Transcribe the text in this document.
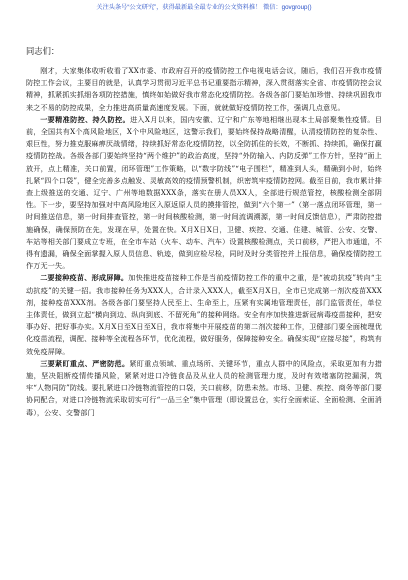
关注头条号“公文研究”，获得最新最全最专业的公文资料推！ 微信：govgroup()
同志们：

刚才，大家集体收听收看了XX市委、市政府召开的疫情防控工作电视电话会议，随后，我们召开我市疫情防控工作会议，主要目的就是，认真学习贯彻习近平总书记重要指示精神，深入贯彻落实全省、市疫情防控会议精神，抓紧抓实抓细各项防控措施，慎终如始做好我市常态化疫情防控。各级各部门要始加珍惜、持续巩固我市来之不易的防控成果，全力推进高质量高速度发展。下面，就就做好疫情防控工作，强调几点意见。

一要精准防控、持久防控。进入X月以来，国内安徽、辽宁和广东等地相继出现本土局部聚集性疫情。目前，全国共有X个高风险地区，X个中风险地区，这警示我们，要始终保持战略清醒，认清疫情防控的复杂性、艰巨性，努力推克服麻痹厌战情绪，持续抓好常态化疫情防控，以全防抓住的长效，不断抓、持续抓，确保打赢疫情防控战。各级各部门要始终坚持“两个维护”的政治高度，坚持“外防输入、内防反弹”工作方针，坚持“面上放开，点上精准，关口前置，闭环管理”工作策略，以“数字防线”“电子围栏”，精准到人头，精确到小时，始终扎紧“四个口袋”，健全完善多点触发、灵敏高效的疫情预警机制，织密筑牢疫情防控网。截至目前，我市累计排查上级推送的交通、辽宁、广州等地数据XXX条，落实在册人员XX人，全部进行规范管控，核酸检测全部阴性。下一步，要坚持加强对中高风险地区入原返原人员的摸排管控，做到“六个第一”（第一落点闭环管理，第一时间推送信息，第一时间排查管控，第一时间核酸检测，第一时间流调溯源，第一时间反馈信息），严肃防控措施确保，确保预防在先，发现在早，处置在快。X月X日X日，卫健、疾控、交通、住建、城管、公安、交警、车站等相关部门要成立专班，在全市车站（火车、动车、汽车）设置核酸检测点，关口前移，严把入市通道，不得有遗漏，确保全面掌握入原人员信息、轨迹，做到应检尽检，同时及时分类管控并上报信息，确保疫情防控工作万无一失。

二要接种疫苗、形成屏障。加快推进疫苗接种工作是当前疫情防控工作的重中之重，是“被动抗疫”转向“主动抗疫”的关键一招。我市接种任务为XXX人，合计录入XXX人，截至X月X日，全市已完成第一剂次疫苗XXX剂，接种疫苗XXX剂。各级各部门要坚持人民至上、生命至上，压紧有实属地管理责任，部门监管责任，单位主体责任，做到立起“横向到边、纵向到底、不留死角”的接种网络。安全有序加快推进新冠病毒疫苗接种，把安事办好、把好事办实。X月X日至X日至X日，我市将集中开展疫苗的第二剂次接种工作，卫健部门要全面梳理优化疫苗流程，调配、接种等全流程各环节，优化流程，做好服务，保障接种安全。确保实现“应接尽接”，构筑有效免疫屏障。

三要紧盯重点、严密防范。紧盯重点领域、重点场所、关键环节，重点人群中的风险点，采取更加有力措施，坚决阻断疫情传播风险，紧紧对进口冷链食品及从业人员的检测管理力度，及时有效堵塞防控漏洞，筑牢“人物同防”防线。要扎紧进口冷链物流管控的口袋，关口前移，防患未然。市场、卫健、疾控、商务等部门要协同配合，对进口冷链物流采取切实可行“一品三全”集中管理（即设置总仓，实行全面索证、全面检测、全面消毒），公安、交警部门
